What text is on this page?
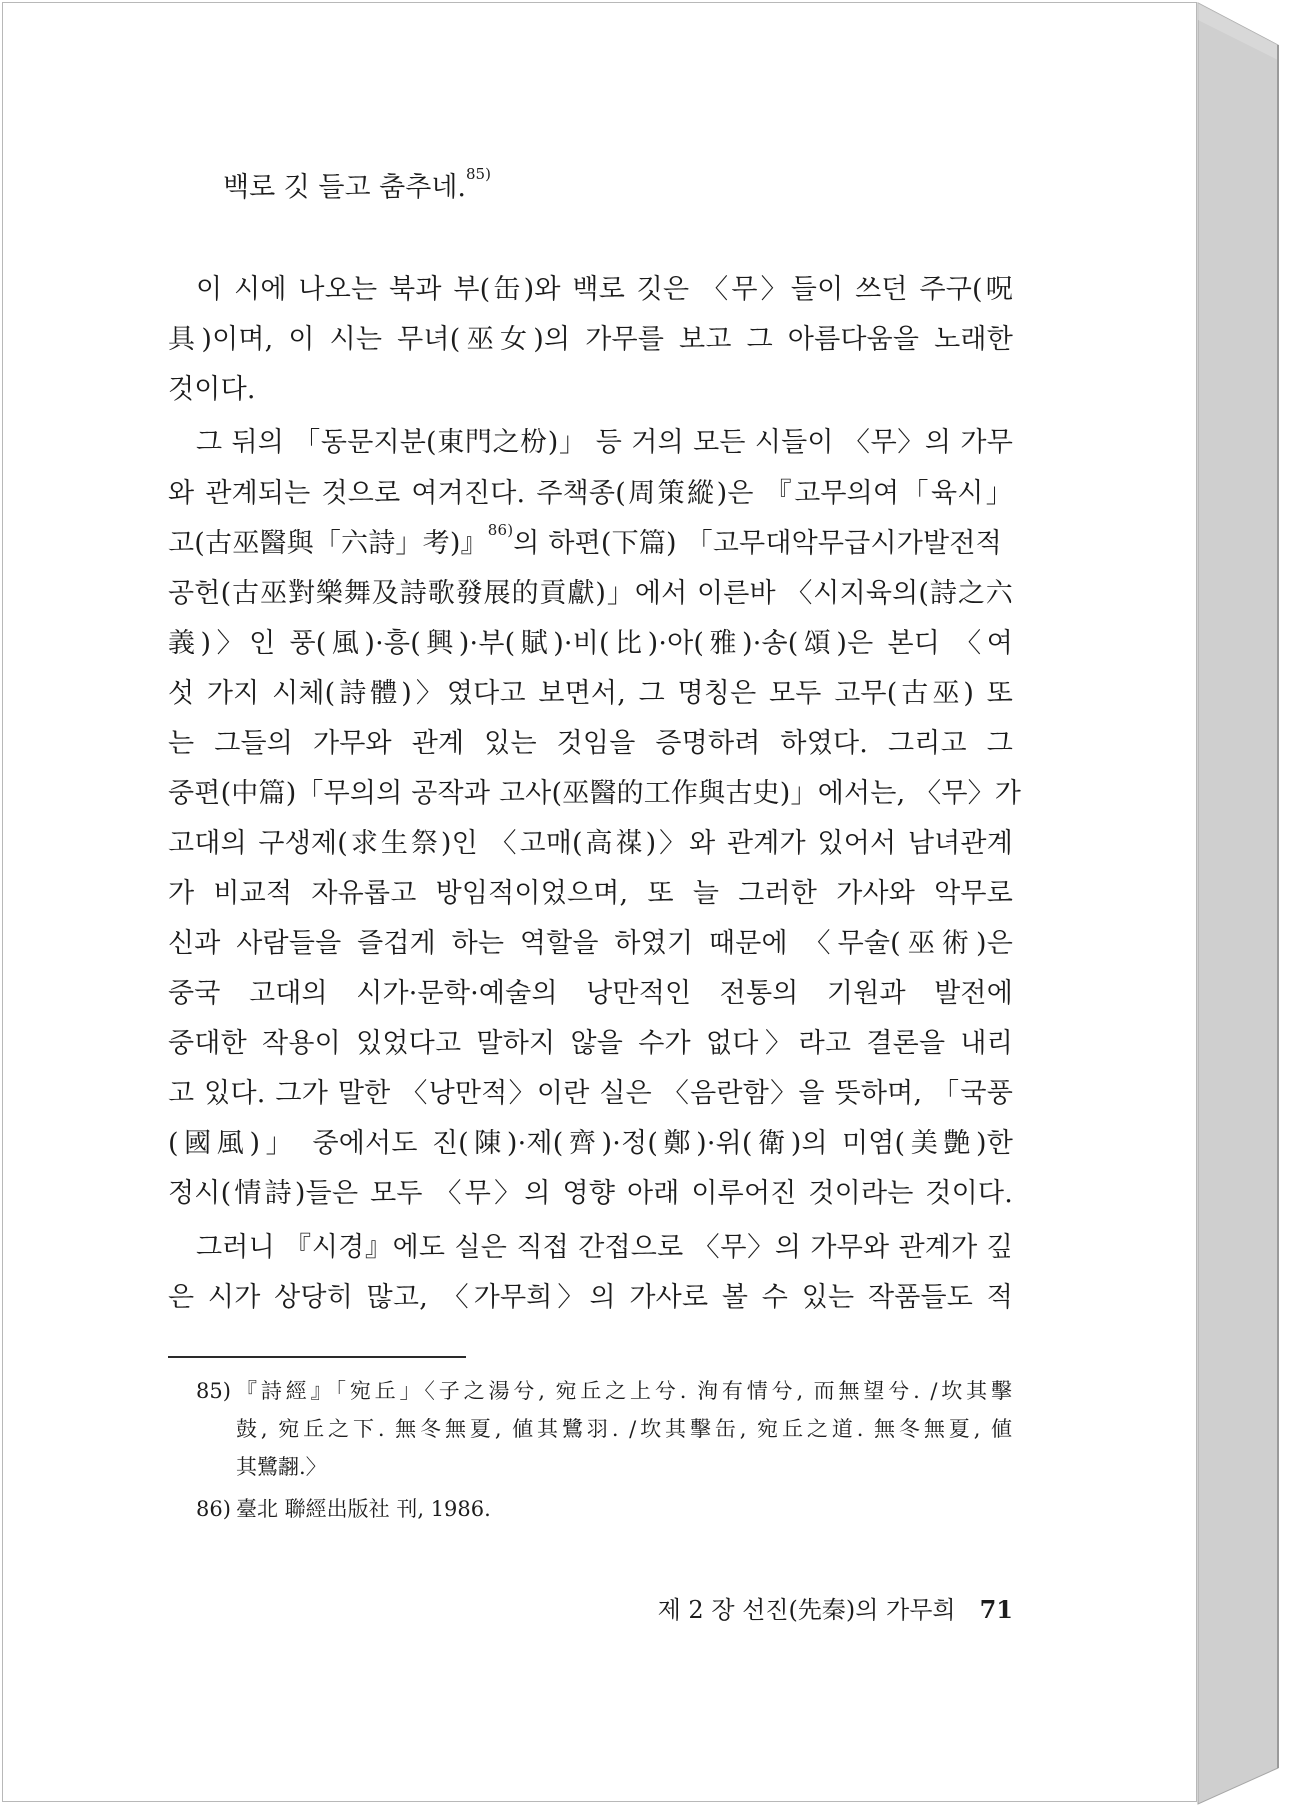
백로 깃 들고 춤추네.$^{85)}$
이 시에 나오는 북과 부(缶)와 백로 깃은 〈무〉들이 쓰던 주구(呪
具)이며, 이 시는 무녀(巫女)의 가무를 보고 그 아름다움을 노래한
것이다.
그 뒤의 「동문지분(東門之枌)」 등 거의 모든 시들이 〈무〉의 가무
와 관계되는 것으로 여겨진다. 주책종(周策縱)은 『고무의여「육시」
고(古巫醫與「六詩」考)』$^{86)}$의 하편(下篇) 「고무대악무급시가발전적
공헌(古巫對樂舞及詩歌發展的貢獻)」에서 이른바 〈시지육의(詩之六
義)〉인 풍(風)·흥(興)·부(賦)·비(比)·아(雅)·송(頌)은 본디 〈여
섯 가지 시체(詩體)〉였다고 보면서, 그 명칭은 모두 고무(古巫) 또
는 그들의 가무와 관계 있는 것임을 증명하려 하였다. 그리고 그
중편(中篇)「무의의 공작과 고사(巫醫的工作與古史)」에서는, 〈무〉가
고대의 구생제(求生祭)인 〈고매(高禖)〉와 관계가 있어서 남녀관계
가 비교적 자유롭고 방임적이었으며, 또 늘 그러한 가사와 악무로
신과 사람들을 즐겁게 하는 역할을 하였기 때문에 〈무술(巫術)은
중국 고대의 시가·문학·예술의 낭만적인 전통의 기원과 발전에
중대한 작용이 있었다고 말하지 않을 수가 없다〉라고 결론을 내리
고 있다. 그가 말한 〈낭만적〉이란 실은 〈음란함〉을 뜻하며, 「국풍
(國風)」 중에서도 진(陳)·제(齊)·정(鄭)·위(衛)의 미염(美艶)한
정시(情詩)들은 모두 〈무〉의 영향 아래 이루어진 것이라는 것이다.
그러니 『시경』에도 실은 직접 간접으로 〈무〉의 가무와 관계가 깊
은 시가 상당히 많고, 〈가무희〉의 가사로 볼 수 있는 작품들도 적
85) 『詩經』「宛丘」〈子之湯兮, 宛丘之上兮. 洵有情兮, 而無望兮. /坎其擊
鼓, 宛丘之下. 無冬無夏, 値其鷺羽. /坎其擊缶, 宛丘之道. 無冬無夏, 値
其鷺翿.〉
86) 臺北 聯經出版社 刊, 1986.
제 2 장 선진(先秦)의 가무희 71
